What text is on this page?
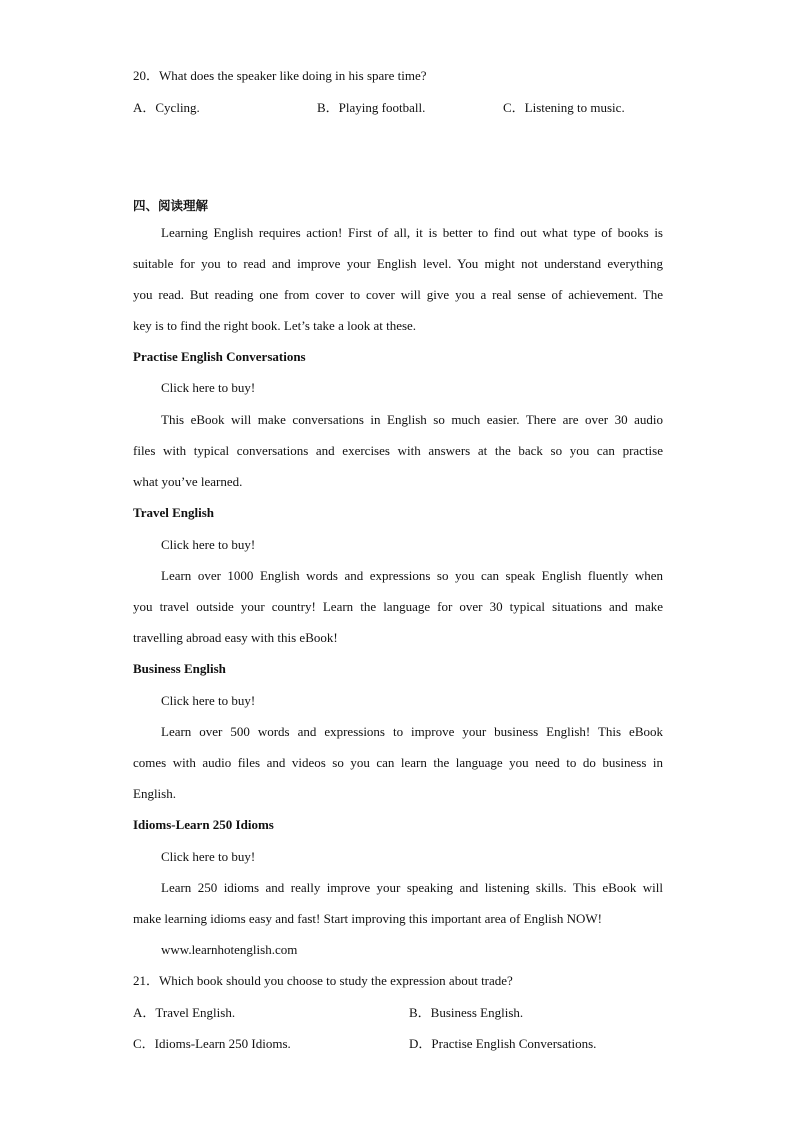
20．What does the speaker like doing in his spare time?
A．Cycling.	B．Playing football.	C．Listening to music.
四、阅读理解
Learning English requires action! First of all, it is better to find out what type of books is
suitable for you to read and improve your English level. You might not understand everything
you read. But reading one from cover to cover will give you a real sense of achievement. The
key is to find the right book. Let’s take a look at these.
Practise English Conversations
Click here to buy!
This eBook will make conversations in English so much easier. There are over 30 audio
files with typical conversations and exercises with answers at the back so you can practise
what you’ve learned.
Travel English
Click here to buy!
Learn over 1000 English words and expressions so you can speak English fluently when
you travel outside your country! Learn the language for over 30 typical situations and make
travelling abroad easy with this eBook!
Business English
Click here to buy!
Learn over 500 words and expressions to improve your business English! This eBook
comes with audio files and videos so you can learn the language you need to do business in
English.
Idioms-Learn 250 Idioms
Click here to buy!
Learn 250 idioms and really improve your speaking and listening skills. This eBook will
make learning idioms easy and fast! Start improving this important area of English NOW!
www.learnhotenglish.com
21．Which book should you choose to study the expression about trade?
A．Travel English.	B．Business English.
C．Idioms-Learn 250 Idioms.	D．Practise English Conversations.
